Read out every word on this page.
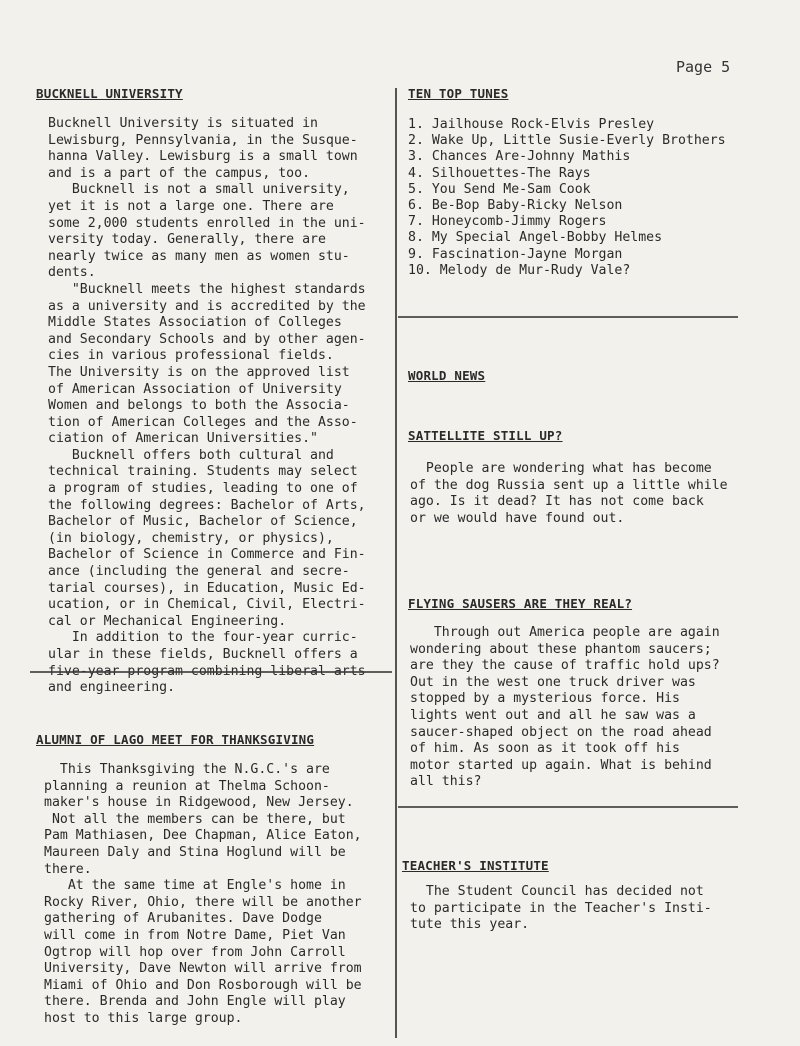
Page 5
BUCKNELL UNIVERSITY
Bucknell University is situated in
Lewisburg, Pennsylvania, in the Susque-
hanna Valley. Lewisburg is a small town
and is a part of the campus, too.
Bucknell is not a small university,
yet it is not a large one. There are
some 2,000 students enrolled in the uni-
versity today. Generally, there are
nearly twice as many men as women stu-
dents.
"Bucknell meets the highest standards
as a university and is accredited by the
Middle States Association of Colleges
and Secondary Schools and by other agen-
cies in various professional fields.
The University is on the approved list
of American Association of University
Women and belongs to both the Associa-
tion of American Colleges and the Asso-
ciation of American Universities."
Bucknell offers both cultural and
technical training. Students may select
a program of studies, leading to one of
the following degrees: Bachelor of Arts,
Bachelor of Music, Bachelor of Science,
(in biology, chemistry, or physics),
Bachelor of Science in Commerce and Fin-
ance (including the general and secre-
tarial courses), in Education, Music Ed-
ucation, or in Chemical, Civil, Electri-
cal or Mechanical Engineering.
In addition to the four-year curric-
ular in these fields, Bucknell offers a
and engineering.
ALUMNI OF LAGO MEET FOR THANKSGIVING
This Thanksgiving the N.G.C.'s are
planning a reunion at Thelma Schoon-
maker's house in Ridgewood, New Jersey.
Not all the members can be there, but
Pam Mathiasen, Dee Chapman, Alice Eaton,
Maureen Daly and Stina Hoglund will be
there.
At the same time at Engle's home in
Rocky River, Ohio, there will be another
gathering of Arubanites. Dave Dodge
will come in from Notre Dame, Piet Van
Ogtrop will hop over from John Carroll
University, Dave Newton will arrive from
Miami of Ohio and Don Rosborough will be
there. Brenda and John Engle will play
host to this large group.
TEN TOP TUNES
1. Jailhouse Rock-Elvis Presley
2. Wake Up, Little Susie-Everly Brothers
3. Chances Are-Johnny Mathis
4. Silhouettes-The Rays
5. You Send Me-Sam Cook
6. Be-Bop Baby-Ricky Nelson
7. Honeycomb-Jimmy Rogers
8. My Special Angel-Bobby Helmes
9. Fascination-Jayne Morgan
10. Melody de Mur-Rudy Vale?
WORLD NEWS
SATTELLITE STILL UP?
People are wondering what has become
of the dog Russia sent up a little while
ago. Is it dead? It has not come back
or we would have found out.
FLYING SAUSERS ARE THEY REAL?
Through out America people are again
wondering about these phantom saucers;
are they the cause of traffic hold ups?
Out in the west one truck driver was
stopped by a mysterious force. His
lights went out and all he saw was a
saucer-shaped object on the road ahead
of him. As soon as it took off his
motor started up again. What is behind
all this?
TEACHER'S INSTITUTE
The Student Council has decided not
to participate in the Teacher's Insti-
tute this year.
